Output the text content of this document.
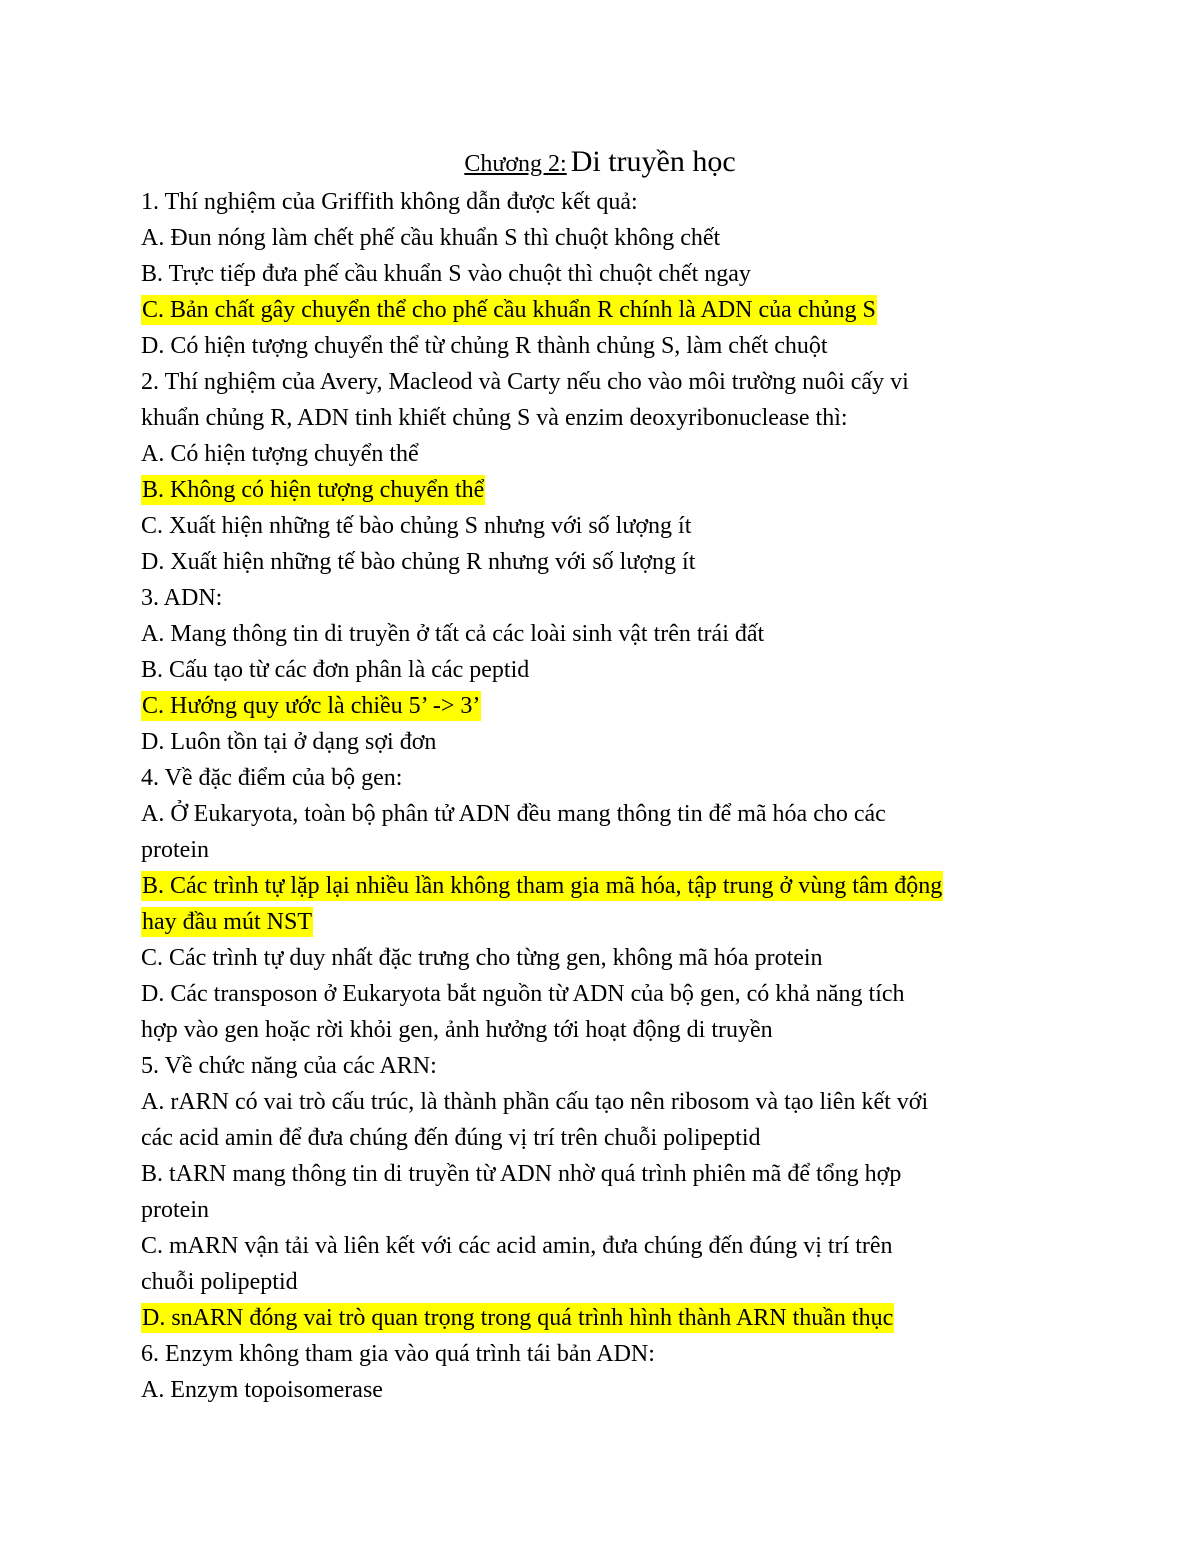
Chương 2: Di truyền học

1. Thí nghiệm của Griffith không dẫn được kết quả:

A. Đun nóng làm chết phế cầu khuẩn S thì chuột không chết

B. Trực tiếp đưa phế cầu khuẩn S vào chuột thì chuột chết ngay

C. Bản chất gây chuyển thể cho phế cầu khuẩn R chính là ADN của chủng S

D. Có hiện tượng chuyển thể từ chủng R thành chủng S, làm chết chuột

2. Thí nghiệm của Avery, Macleod và Carty nếu cho vào môi trường nuôi cấy vi

khuẩn chủng R, ADN tinh khiết chủng S và enzim deoxyribonuclease thì:

A. Có hiện tượng chuyển thể

B. Không có hiện tượng chuyển thể

C. Xuất hiện những tế bào chủng S nhưng với số lượng ít

D. Xuất hiện những tế bào chủng R nhưng với số lượng ít

3. ADN:

A. Mang thông tin di truyền ở tất cả các loài sinh vật trên trái đất

B. Cấu tạo từ các đơn phân là các peptid

C. Hướng quy ước là chiều 5’ -> 3’

D. Luôn tồn tại ở dạng sợi đơn

4. Về đặc điểm của bộ gen:

A. Ở Eukaryota, toàn bộ phân tử ADN đều mang thông tin để mã hóa cho các

protein

B. Các trình tự lặp lại nhiều lần không tham gia mã hóa, tập trung ở vùng tâm động

hay đầu mút NST

C. Các trình tự duy nhất đặc trưng cho từng gen, không mã hóa protein

D. Các transposon ở Eukaryota bắt nguồn từ ADN của bộ gen, có khả năng tích

hợp vào gen hoặc rời khỏi gen, ảnh hưởng tới hoạt động di truyền

5. Về chức năng của các ARN:

A. rARN có vai trò cấu trúc, là thành phần cấu tạo nên ribosom và tạo liên kết với

các acid amin để đưa chúng đến đúng vị trí trên chuỗi polipeptid

B. tARN mang thông tin di truyền từ ADN nhờ quá trình phiên mã để tổng hợp

protein

C. mARN vận tải và liên kết với các acid amin, đưa chúng đến đúng vị trí trên

chuỗi polipeptid

D. snARN đóng vai trò quan trọng trong quá trình hình thành ARN thuần thục

6. Enzym không tham gia vào quá trình tái bản ADN:

A. Enzym topoisomerase
